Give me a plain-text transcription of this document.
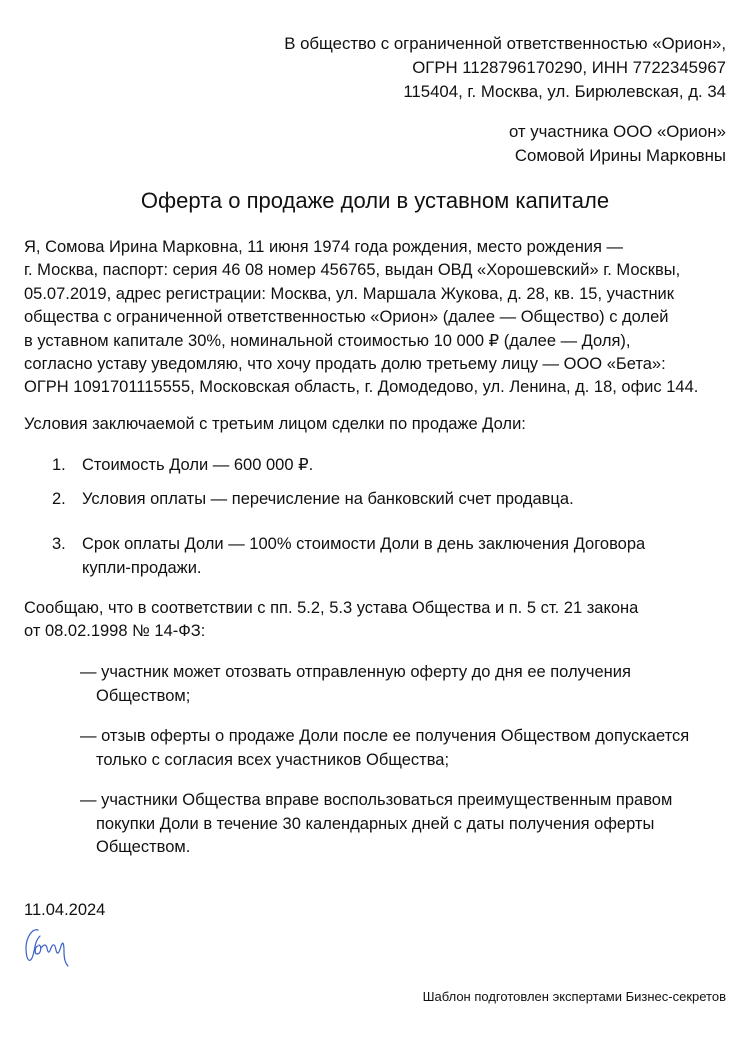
В общество с ограниченной ответственностью «Орион»,
ОГРН 1128796170290, ИНН 7722345967
115404, г. Москва, ул. Бирюлевская, д. 34
от участника ООО «Орион»
Сомовой Ирины Марковны
Оферта о продаже доли в уставном капитале
Я, Сомова Ирина Марковна, 11 июня 1974 года рождения, место рождения —
г. Москва, паспорт: серия 46 08 номер 456765, выдан ОВД «Хорошевский» г. Москвы,
05.07.2019, адрес регистрации: Москва, ул. Маршала Жукова, д. 28, кв. 15, участник
общества с ограниченной ответственностью «Орион» (далее — Общество) с долей
в уставном капитале 30%, номинальной стоимостью 10 000 ₽ (далее — Доля),
согласно уставу уведомляю, что хочу продать долю третьему лицу — ООО «Бета»:
ОГРН 1091701115555, Московская область, г. Домодедово, ул. Ленина, д. 18, офис 144.
Условия заключаемой с третьим лицом сделки по продаже Доли:
1. Стоимость Доли — 600 000 ₽.
2. Условия оплаты — перечисление на банковский счет продавца.
3. Срок оплаты Доли — 100% стоимости Доли в день заключения Договора
купли-продажи.
Сообщаю, что в соответствии с пп. 5.2, 5.3 устава Общества и п. 5 ст. 21 закона
от 08.02.1998 № 14-ФЗ:
— участник может отозвать отправленную оферту до дня ее получения
Обществом;
— отзыв оферты о продаже Доли после ее получения Обществом допускается
только с согласия всех участников Общества;
— участники Общества вправе воспользоваться преимущественным правом
покупки Доли в течение 30 календарных дней с даты получения оферты
Обществом.
11.04.2024
Шаблон подготовлен экспертами Бизнес-секретов
